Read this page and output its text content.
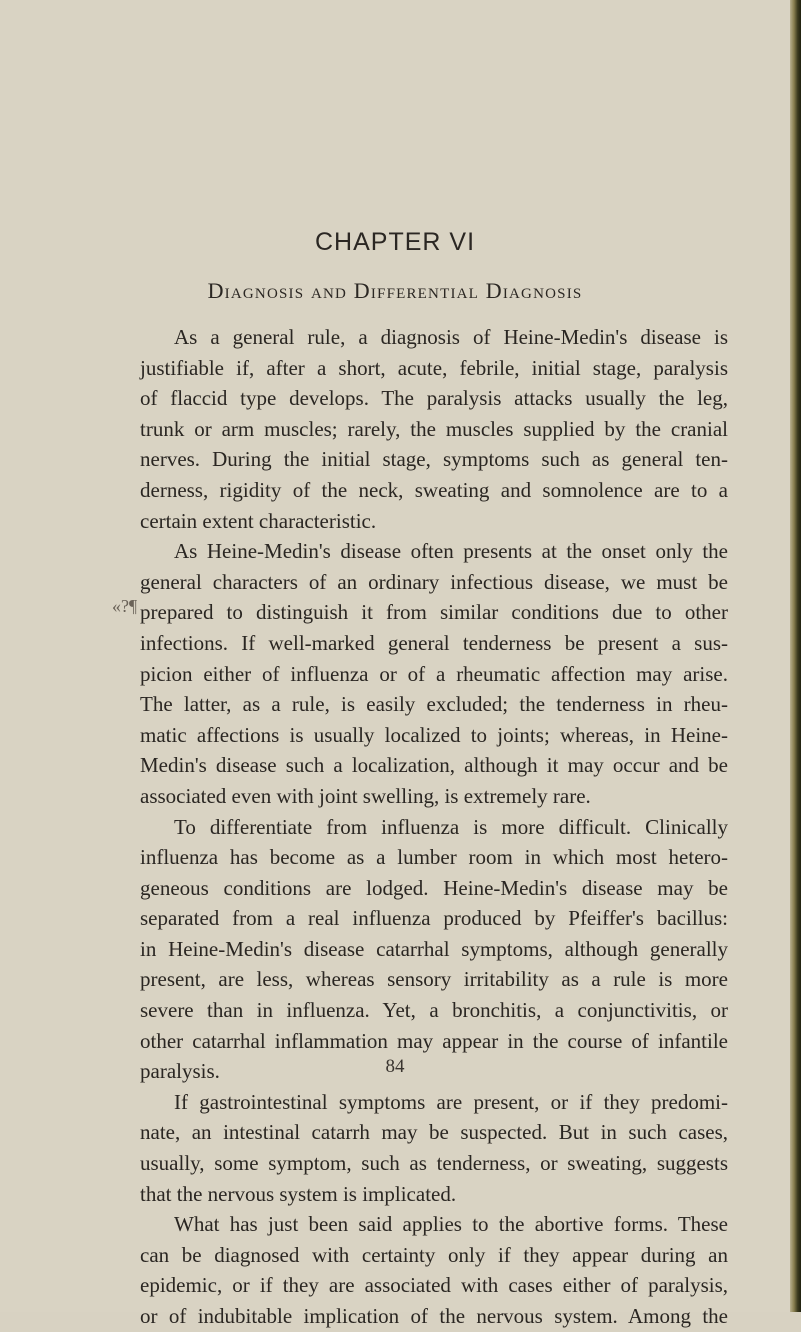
CHAPTER VI
Diagnosis and Differential Diagnosis
«?¶
As a general rule, a diagnosis of Heine-Medin's disease is
justifiable if, after a short, acute, febrile, initial stage, paralysis
of flaccid type develops. The paralysis attacks usually the leg,
trunk or arm muscles; rarely, the muscles supplied by the cranial
nerves. During the initial stage, symptoms such as general ten-
derness, rigidity of the neck, sweating and somnolence are to a
certain extent characteristic.
As Heine-Medin's disease often presents at the onset only the
general characters of an ordinary infectious disease, we must be
prepared to distinguish it from similar conditions due to other
infections. If well-marked general tenderness be present a sus-
picion either of influenza or of a rheumatic affection may arise.
The latter, as a rule, is easily excluded; the tenderness in rheu-
matic affections is usually localized to joints; whereas, in Heine-
Medin's disease such a localization, although it may occur and be
associated even with joint swelling, is extremely rare.
To differentiate from influenza is more difficult. Clinically
influenza has become as a lumber room in which most hetero-
geneous conditions are lodged. Heine-Medin's disease may be
separated from a real influenza produced by Pfeiffer's bacillus:
in Heine-Medin's disease catarrhal symptoms, although generally
present, are less, whereas sensory irritability as a rule is more
severe than in influenza. Yet, a bronchitis, a conjunctivitis, or
other catarrhal inflammation may appear in the course of infantile
paralysis.
If gastrointestinal symptoms are present, or if they predomi-
nate, an intestinal catarrh may be suspected. But in such cases,
usually, some symptom, such as tenderness, or sweating, suggests
that the nervous system is implicated.
What has just been said applies to the abortive forms. These
can be diagnosed with certainty only if they appear during an
epidemic, or if they are associated with cases either of paralysis,
or of indubitable implication of the nervous system. Among the
84
